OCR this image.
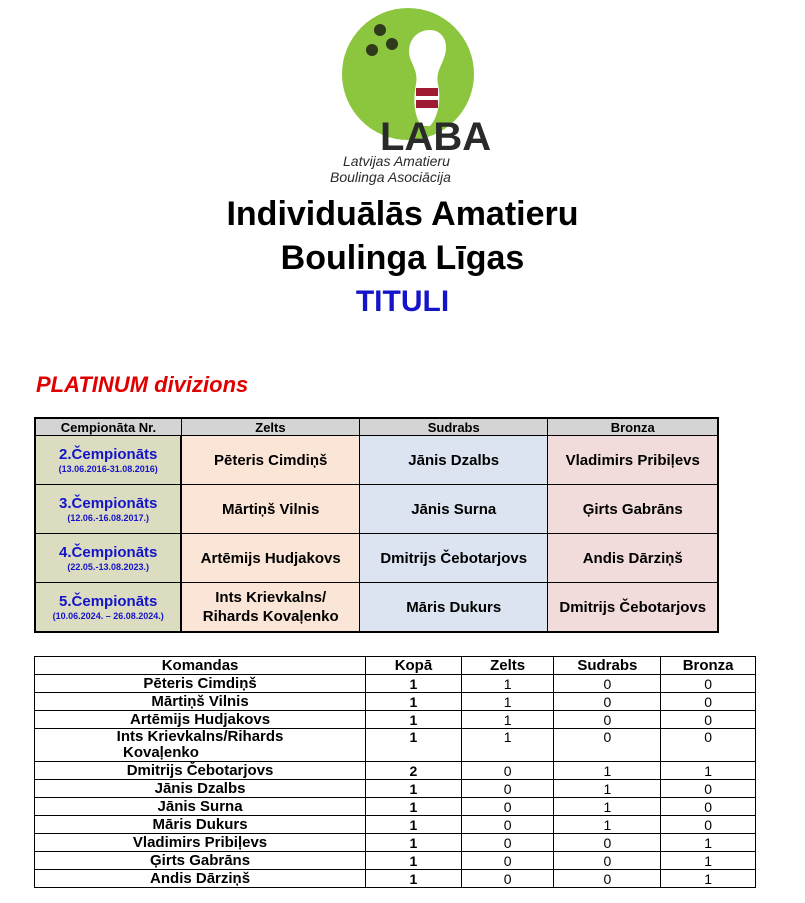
LABA
Latvijas Amatieru
Boulinga Asociācija
Individuālās Amatieru
Boulinga Līgas
TITULI
PLATINUM divizions
Cempionāta Nr.	Zelts	Sudrabs	Bronza

2.Čempionāts
(13.06.2016-31.08.2016)	Pēteris Cimdiņš	Jānis Dzalbs	Vladimirs Pribiļevs

3.Čempionāts
(12.06.-16.08.2017.)	Mārtiņš Vilnis	Jānis Surna	Ģirts Gabrāns

4.Čempionāts
(22.05.-13.08.2023.)	Artēmijs Hudjakovs	Dmitrijs Čebotarjovs	Andis Dārziņš

5.Čempionāts
(10.06.2024. – 26.08.2024.)	Ints Krievkalns/
Rihards Kovaļenko	Māris Dukurs	Dmitrijs Čebotarjovs
Komandas	Kopā	Zelts	Sudrabs	Bronza
Pēteris Cimdiņš	1	1	0	0
Mārtiņš Vilnis	1	1	0	0
Artēmijs Hudjakovs	1	1	0	0

Ints Krievkalns/Rihards
Kovaļenko	1	1	0	0
Dmitrijs Čebotarjovs	2	0	1	1
Jānis Dzalbs	1	0	1	0
Jānis Surna	1	0	1	0
Māris Dukurs	1	0	1	0
Vladimirs Pribiļevs	1	0	0	1
Ģirts Gabrāns	1	0	0	1
Andis Dārziņš	1	0	0	1
